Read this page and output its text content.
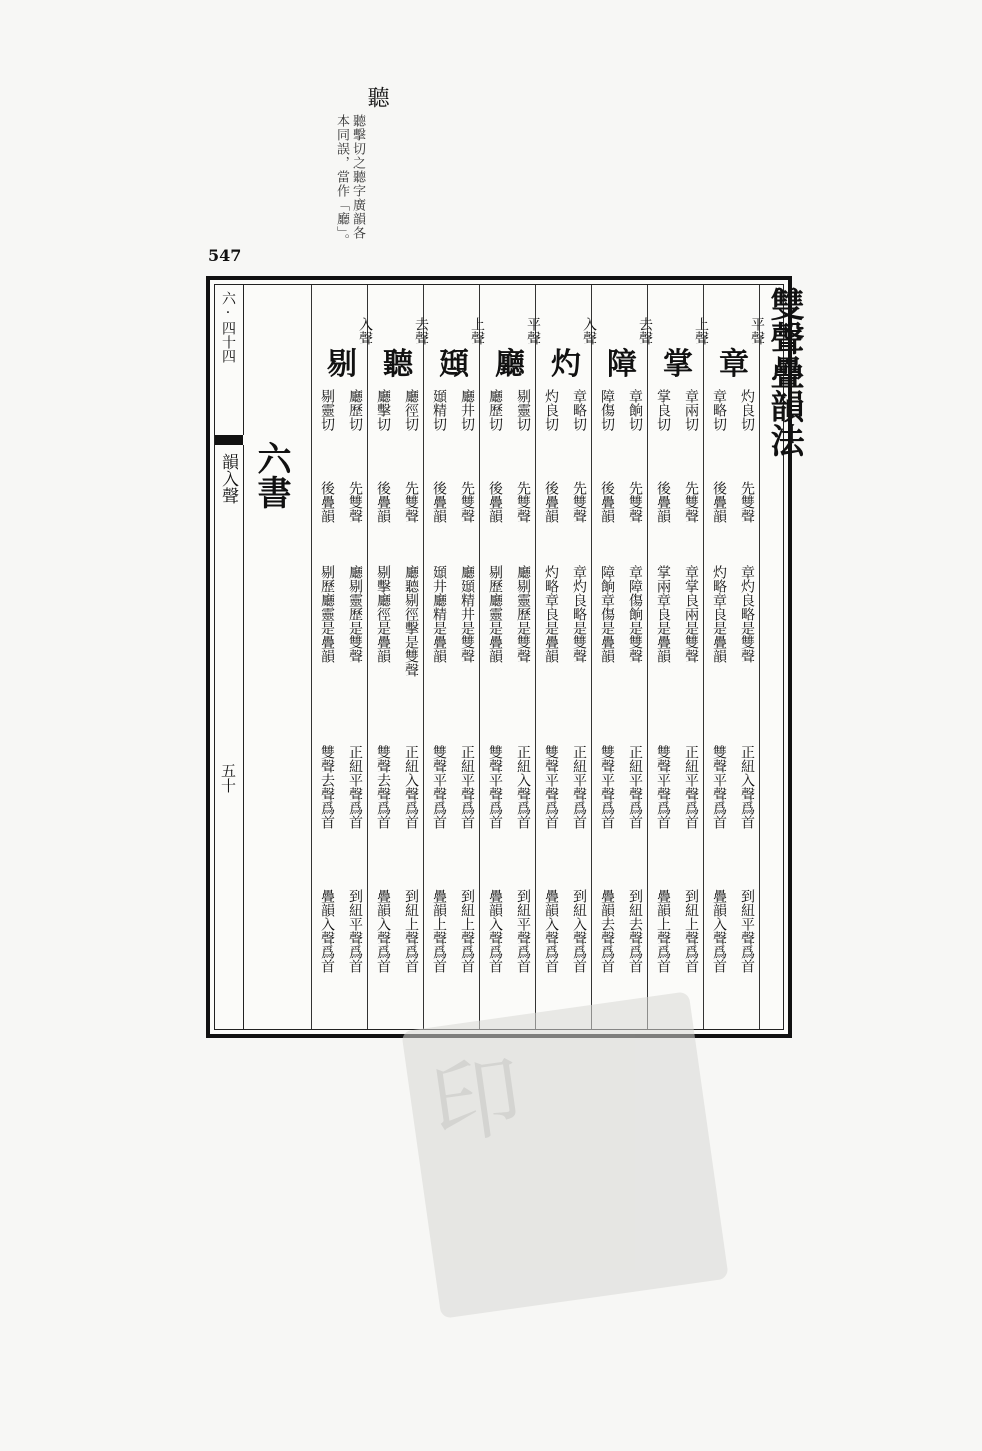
聽
聽擊切之聽字廣韻各
本同誤，當作「廳」。
547
六·四十四
韻入聲
五十
六書
平聲
章
灼良切
先雙聲
章灼良略是雙聲
正紐入聲爲首
到紐平聲爲首
章略切
後疊韻
灼略章良是疊韻
雙聲平聲爲首
疊韻入聲爲首
上聲
掌
章兩切
先雙聲
章掌良兩是雙聲
正紐平聲爲首
到紐上聲爲首
掌良切
後疊韻
掌兩章良是疊韻
雙聲平聲爲首
疊韻上聲爲首
去聲
障
章餉切
先雙聲
章障傷餉是雙聲
正紐平聲爲首
到紐去聲爲首
障傷切
後疊韻
障餉章傷是疊韻
雙聲平聲爲首
疊韻去聲爲首
入聲
灼
章略切
先雙聲
章灼良略是雙聲
正紐平聲爲首
到紐入聲爲首
灼良切
後疊韻
灼略章良是疊韻
雙聲平聲爲首
疊韻入聲爲首
平聲
廳
剔靈切
先雙聲
廳剔靈歷是雙聲
正紐入聲爲首
到紐平聲爲首
廳歷切
後疊韻
剔歷廳靈是疊韻
雙聲平聲爲首
疊韻入聲爲首
上聲
頲
廳井切
先雙聲
廳頲精井是雙聲
正紐平聲爲首
到紐上聲爲首
頲精切
後疊韻
頲井廳精是疊韻
雙聲平聲爲首
疊韻上聲爲首
去聲
聽
廳徑切
先雙聲
廳聽剔徑擊是雙聲
正紐入聲爲首
到紐上聲爲首
廳擊切
後疊韻
剔擊廳徑是疊韻
雙聲去聲爲首
疊韻入聲爲首
入聲
剔
廳歷切
先雙聲
廳剔靈歷是雙聲
正紐平聲爲首
到紐平聲爲首
剔靈切
後疊韻
剔歷廳靈是疊韻
雙聲去聲爲首
疊韻入聲爲首
雙聲疊韻法
印
